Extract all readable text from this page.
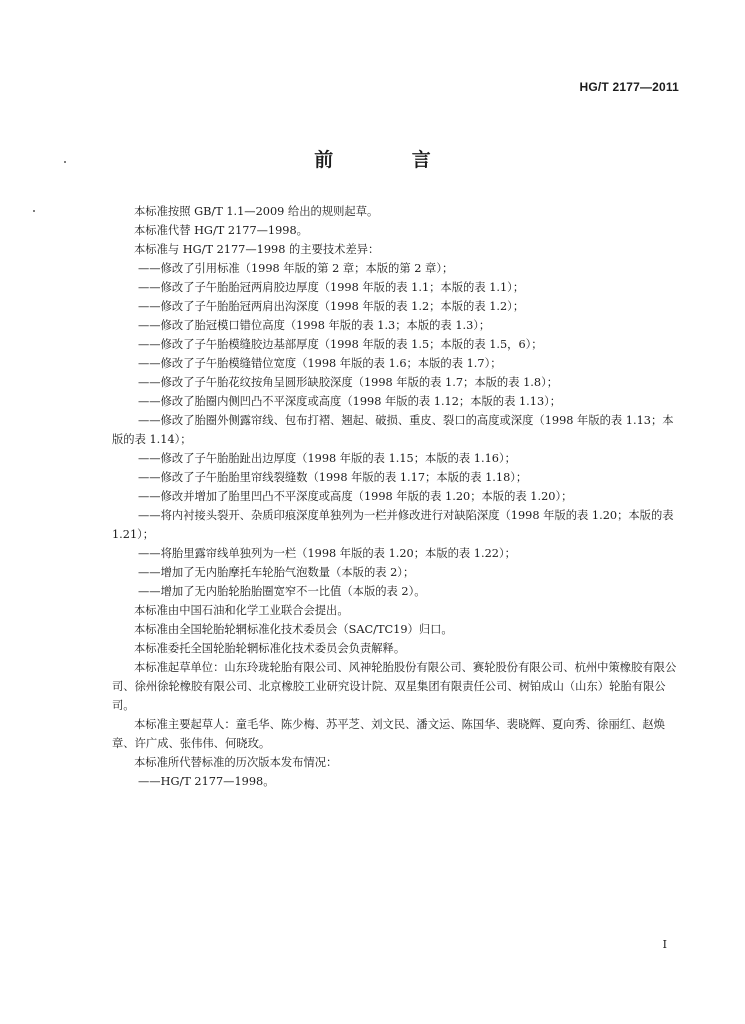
HG/T 2177—2011
前 言
本标准按照 GB/T 1.1—2009 给出的规则起草。
本标准代替 HG/T 2177—1998。
本标准与 HG/T 2177—1998 的主要技术差异：
——修改了引用标准（1998 年版的第 2 章；本版的第 2 章）；
——修改了子午胎胎冠两肩胶边厚度（1998 年版的表 1.1；本版的表 1.1）；
——修改了子午胎胎冠两肩出沟深度（1998 年版的表 1.2；本版的表 1.2）；
——修改了胎冠模口错位高度（1998 年版的表 1.3；本版的表 1.3）；
——修改了子午胎模缝胶边基部厚度（1998 年版的表 1.5；本版的表 1.5，6）；
——修改了子午胎模缝错位宽度（1998 年版的表 1.6；本版的表 1.7）；
——修改了子午胎花纹按角呈圆形缺胶深度（1998 年版的表 1.7；本版的表 1.8）；
——修改了胎圈内侧凹凸不平深度或高度（1998 年版的表 1.12；本版的表 1.13）；
——修改了胎圈外侧露帘线、包布打褶、翘起、破损、重皮、裂口的高度或深度（1998 年版的表 1.13；本版的表 1.14）；
——修改了子午胎胎趾出边厚度（1998 年版的表 1.15；本版的表 1.16）；
——修改了子午胎胎里帘线裂缝数（1998 年版的表 1.17；本版的表 1.18）；
——修改并增加了胎里凹凸不平深度或高度（1998 年版的表 1.20；本版的表 1.20）；
——将内衬接头裂开、杂质印痕深度单独列为一栏并修改进行对缺陷深度（1998 年版的表 1.20；本版的表 1.21）；
——将胎里露帘线单独列为一栏（1998 年版的表 1.20；本版的表 1.22）；
——增加了无内胎摩托车轮胎气泡数量（本版的表 2）；
——增加了无内胎轮胎胎圈宽窄不一比值（本版的表 2）。
本标准由中国石油和化学工业联合会提出。
本标准由全国轮胎轮辋标准化技术委员会（SAC/TC19）归口。
本标准委托全国轮胎轮辋标准化技术委员会负责解释。
本标准起草单位：山东玲珑轮胎有限公司、风神轮胎股份有限公司、赛轮股份有限公司、杭州中策橡胶有限公司、徐州徐轮橡胶有限公司、北京橡胶工业研究设计院、双星集团有限责任公司、树铂成山（山东）轮胎有限公司。
本标准主要起草人：童毛华、陈少梅、苏平芝、刘文民、潘文运、陈国华、裴晓辉、夏向秀、徐丽红、赵焕章、许广成、张伟伟、何晓玫。
本标准所代替标准的历次版本发布情况：
——HG/T 2177—1998。
I
